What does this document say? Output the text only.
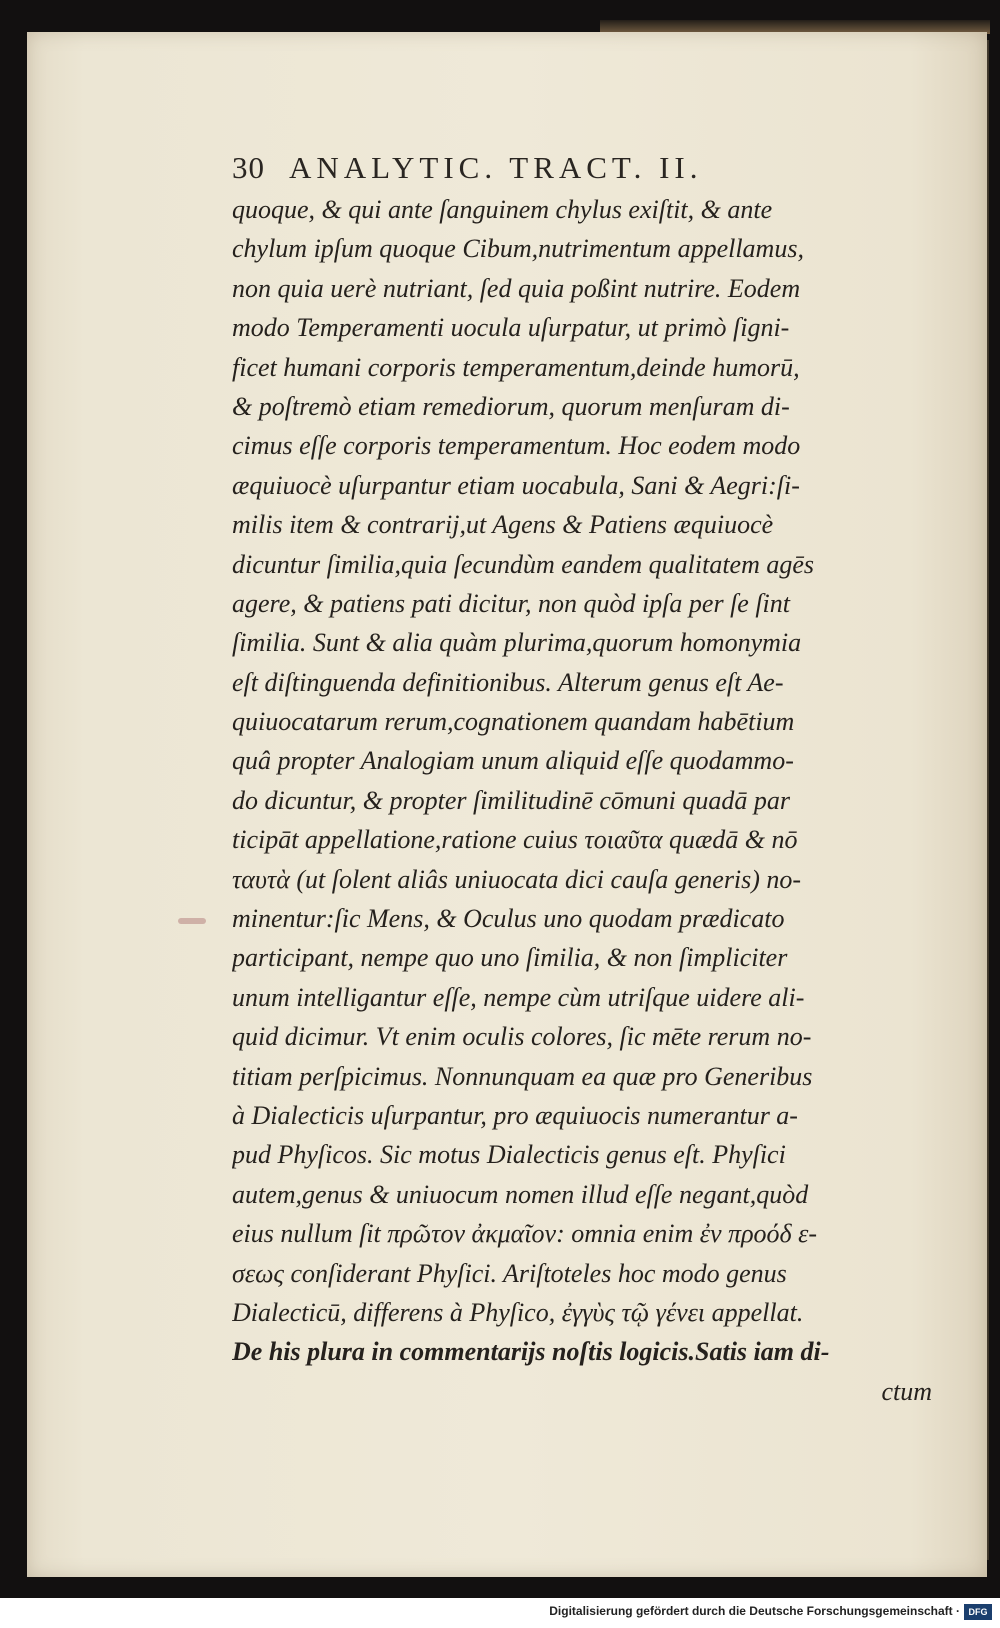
30 ANALYTIC. TRACT. II.
quoque, & qui ante ſanguinem chylus exiſtit, & ante
chylum ipſum quoque Cibum,nutrimentum appellamus,
non quia uerè nutriant, ſed quia poßint nutrire. Eodem
modo Temperamenti uocula uſurpatur, ut primò ſigni-
ficet humani corporis temperamentum,deinde humorū,
& poſtremò etiam remediorum, quorum menſuram di-
cimus eſſe corporis temperamentum. Hoc eodem modo
æquiuocè uſurpantur etiam uocabula, Sani & Aegri:ſi-
milis item & contrarij,ut Agens & Patiens æquiuocè
dicuntur ſimilia,quia ſecundùm eandem qualitatem agēs
agere, & patiens pati dicitur, non quòd ipſa per ſe ſint
ſimilia. Sunt & alia quàm plurima,quorum homonymia
eſt diſtinguenda definitionibus. Alterum genus eſt Ae-
quiuocatarum rerum,cognationem quandam habētium
quâ propter Analogiam unum aliquid eſſe quodammo-
do dicuntur, & propter ſimilitudinē cōmuni quadā par
ticipāt appellatione,ratione cuius τοιαῦτα quædā & nō
ταυτὰ (ut ſolent aliâs uniuocata dici cauſa generis) no-
minentur:ſic Mens, & Oculus uno quodam prædicato
participant, nempe quo uno ſimilia, & non ſimpliciter
unum intelligantur eſſe, nempe cùm utriſque uidere ali-
quid dicimur. Vt enim oculis colores, ſic mēte rerum no-
titiam perſpicimus. Nonnunquam ea quæ pro Generibus
à Dialecticis uſurpantur, pro æquiuocis numerantur a-
pud Phyſicos. Sic motus Dialecticis genus eſt. Phyſici
autem,genus & uniuocum nomen illud eſſe negant,quòd
eius nullum ſit πρῶτον ἀκμαῖον: omnia enim ἐν προόδ ε-
σεως conſiderant Phyſici. Ariſtoteles hoc modo genus
Dialecticū, differens à Phyſico, ἐγγὺς τῷ γένει appellat.
De his plura in commentarijs noſtis logicis.Satis iam di-
ctum
Digitalisierung gefördert durch die Deutsche Forschungsgemeinschaft · DFG
